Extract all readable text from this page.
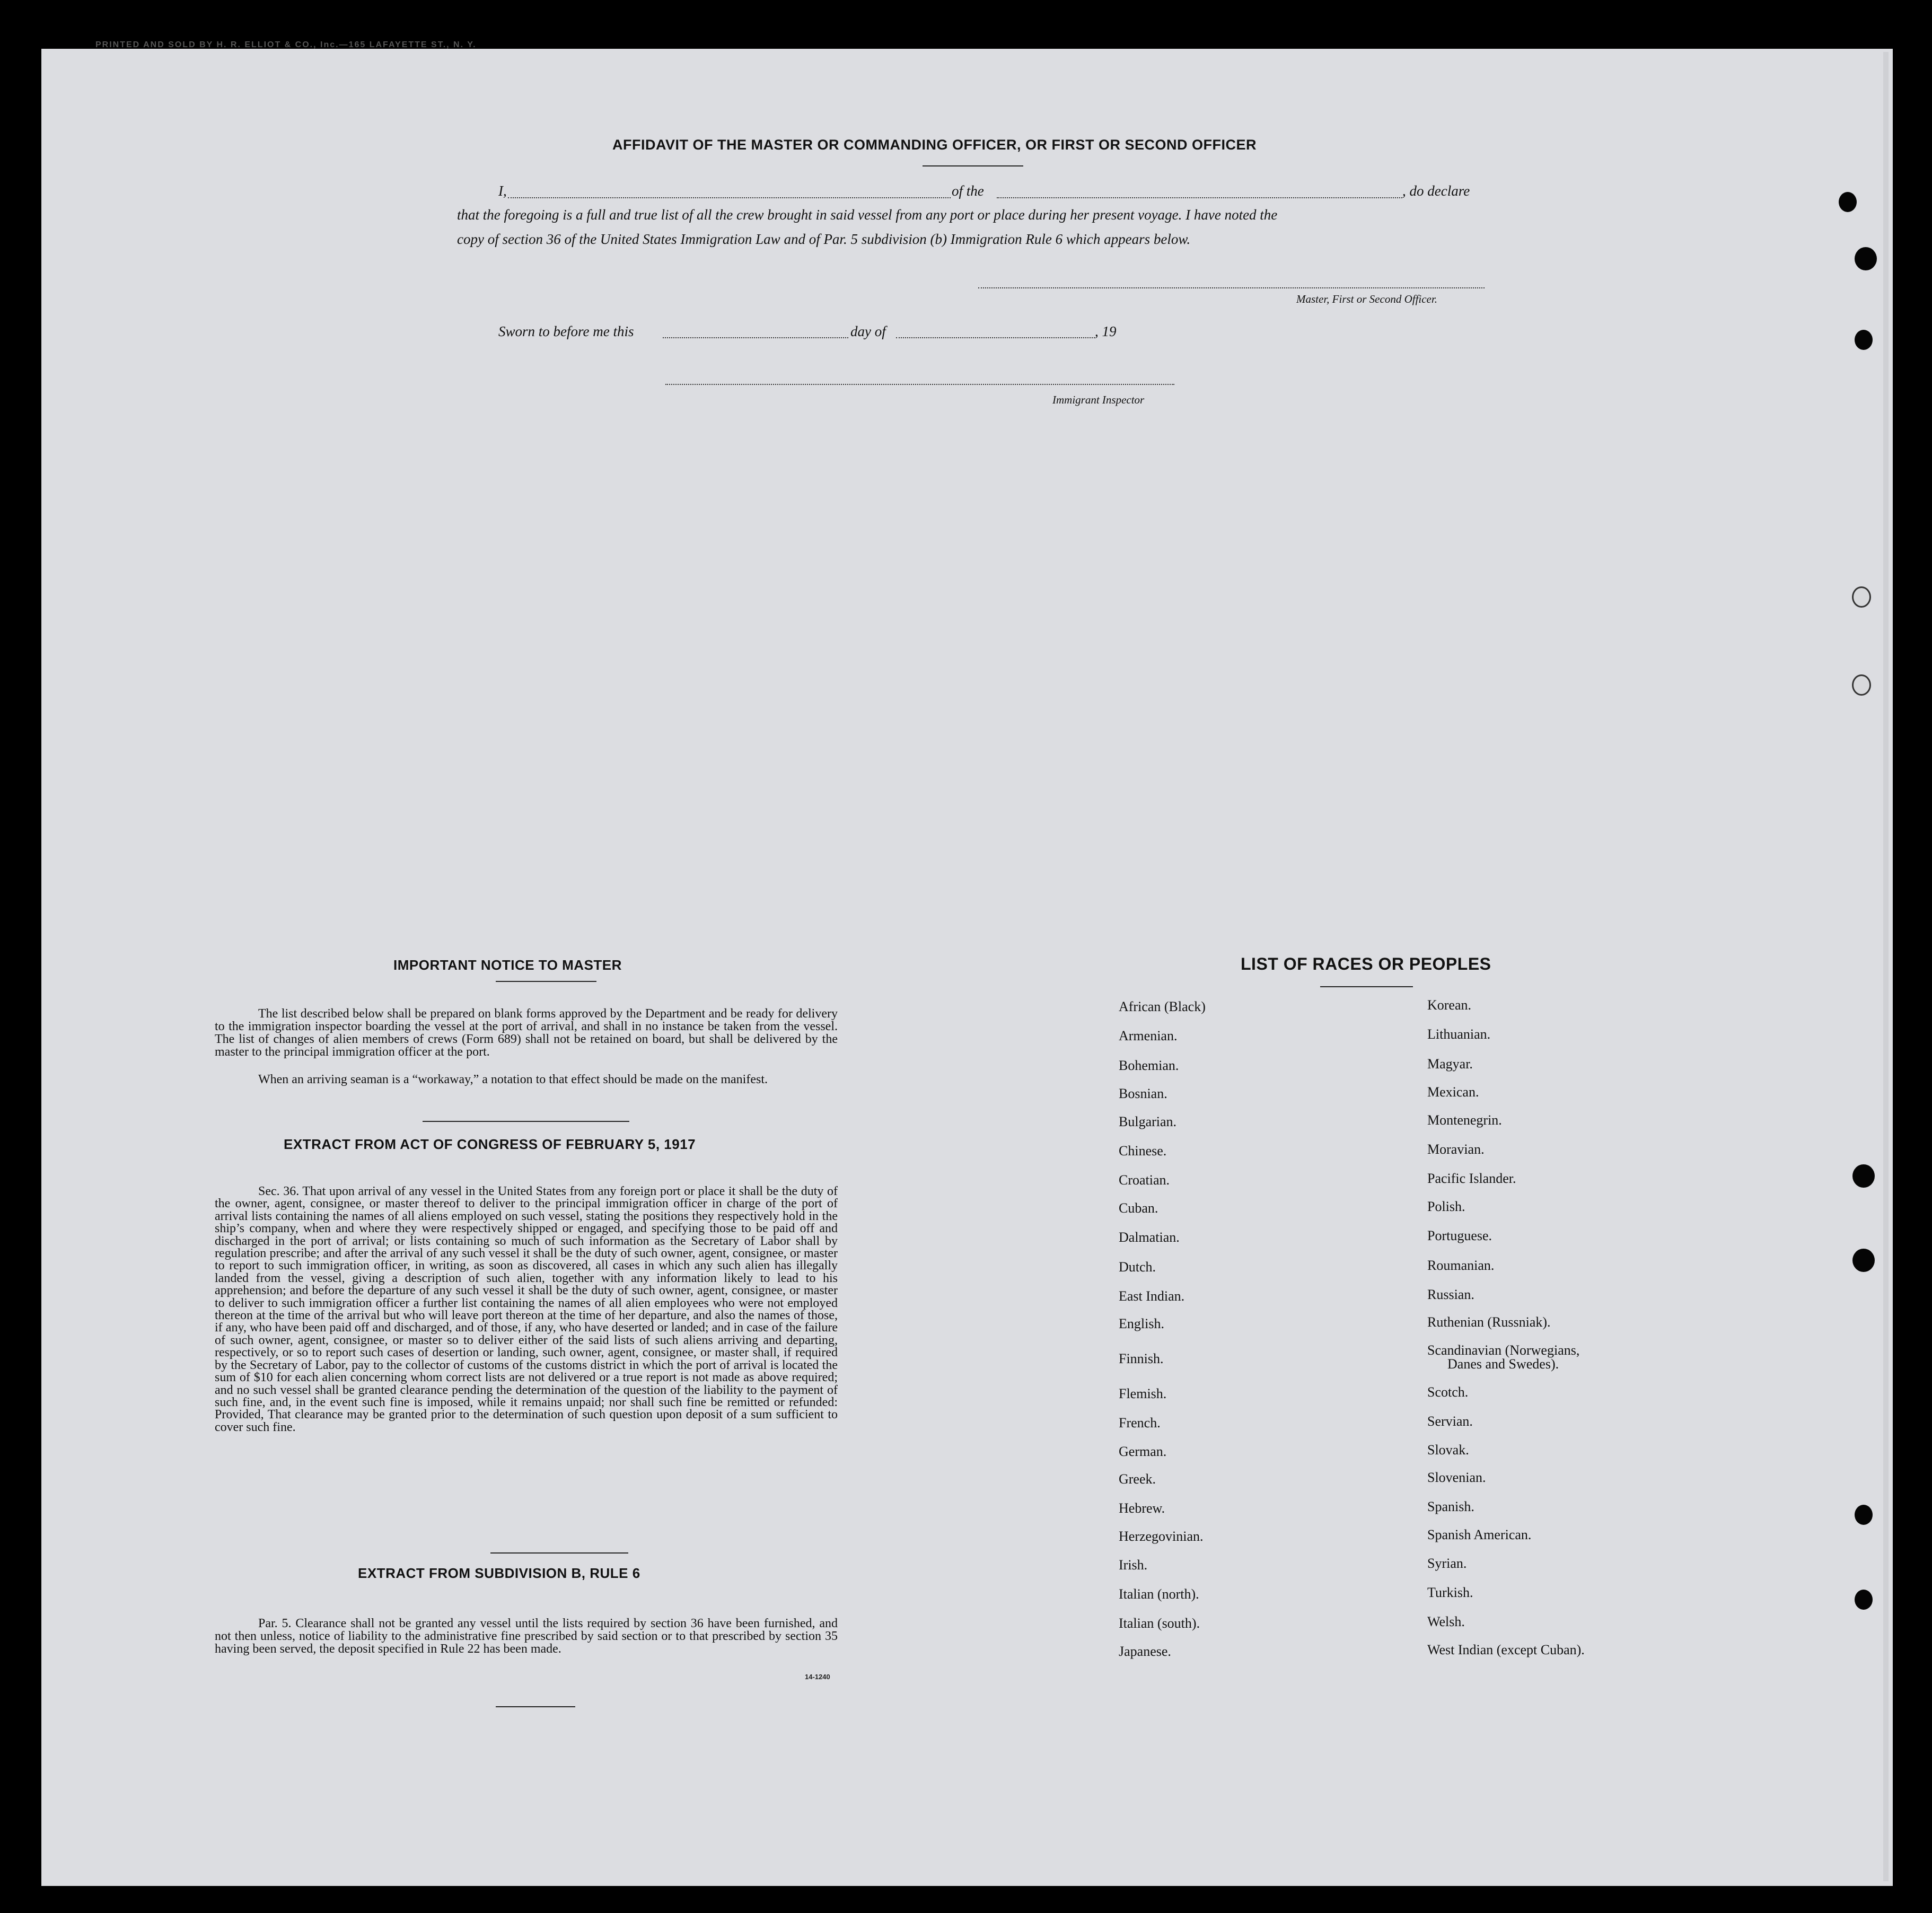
PRINTED AND SOLD BY H. R. ELLIOT & CO., Inc.—165 LAFAYETTE ST., N. Y.
AFFIDAVIT OF THE MASTER OR COMMANDING OFFICER, OR FIRST OR SECOND OFFICER
I,	of the	, do declare
that the foregoing is a full and true list of all the crew brought in said vessel from any port or place during her present voyage. I have noted the
copy of section 36 of the United States Immigration Law and of Par. 5 subdivision (b) Immigration Rule 6 which appears below.
Master, First or Second Officer.
Sworn to before me this	day of	, 19
Immigrant Inspector
IMPORTANT NOTICE TO MASTER
The list described below shall be prepared on blank forms approved by the Department and be ready for delivery to the immigration inspector boarding the vessel at the port of arrival, and shall in no instance be taken from the vessel. The list of changes of alien members of crews (Form 689) shall not be retained on board, but shall be delivered by the master to the principal immigration officer at the port.
When an arriving seaman is a “workaway,” a notation to that effect should be made on the manifest.
EXTRACT FROM ACT OF CONGRESS OF FEBRUARY 5, 1917
Sec. 36. That upon arrival of any vessel in the United States from any foreign port or place it shall be the duty of the owner, agent, consignee, or master thereof to deliver to the principal immigration officer in charge of the port of arrival lists containing the names of all aliens employed on such vessel, stating the positions they respectively hold in the ship’s company, when and where they were respectively shipped or engaged, and specifying those to be paid off and discharged in the port of arrival; or lists containing so much of such information as the Secretary of Labor shall by regulation prescribe; and after the arrival of any such vessel it shall be the duty of such owner, agent, consignee, or master to report to such immigration officer, in writing, as soon as discovered, all cases in which any such alien has illegally landed from the vessel, giving a description of such alien, together with any information likely to lead to his apprehension; and before the departure of any such vessel it shall be the duty of such owner, agent, consignee, or master to deliver to such immigration officer a further list containing the names of all alien employees who were not employed thereon at the time of the arrival but who will leave port thereon at the time of her departure, and also the names of those, if any, who have been paid off and discharged, and of those, if any, who have deserted or landed; and in case of the failure of such owner, agent, consignee, or master so to deliver either of the said lists of such aliens arriving and departing, respectively, or so to report such cases of desertion or landing, such owner, agent, consignee, or master shall, if required by the Secretary of Labor, pay to the collector of customs of the customs district in which the port of arrival is located the sum of $10 for each alien concerning whom correct lists are not delivered or a true report is not made as above required; and no such vessel shall be granted clearance pending the determination of the question of the liability to the payment of such fine, and, in the event such fine is imposed, while it remains unpaid; nor shall such fine be remitted or refunded: Provided, That clearance may be granted prior to the determination of such question upon deposit of a sum sufficient to cover such fine.
EXTRACT FROM SUBDIVISION B, RULE 6
Par. 5. Clearance shall not be granted any vessel until the lists required by section 36 have been furnished, and not then unless, notice of liability to the administrative fine prescribed by said section or to that prescribed by section 35 having been served, the deposit specified in Rule 22 has been made.
14-1240
LIST OF RACES OR PEOPLES
African (Black)
Armenian.
Bohemian.
Bosnian.
Bulgarian.
Chinese.
Croatian.
Cuban.
Dalmatian.
Dutch.
East Indian.
English.
Finnish.
Flemish.
French.
German.
Greek.
Hebrew.
Herzegovinian.
Irish.
Italian (north).
Italian (south).
Japanese.
Korean.
Lithuanian.
Magyar.
Mexican.
Montenegrin.
Moravian.
Pacific Islander.
Polish.
Portuguese.
Roumanian.
Russian.
Ruthenian (Russniak).
Scandinavian (Norwegians,
Danes and Swedes).
Scotch.
Servian.
Slovak.
Slovenian.
Spanish.
Spanish American.
Syrian.
Turkish.
Welsh.
West Indian (except Cuban).
